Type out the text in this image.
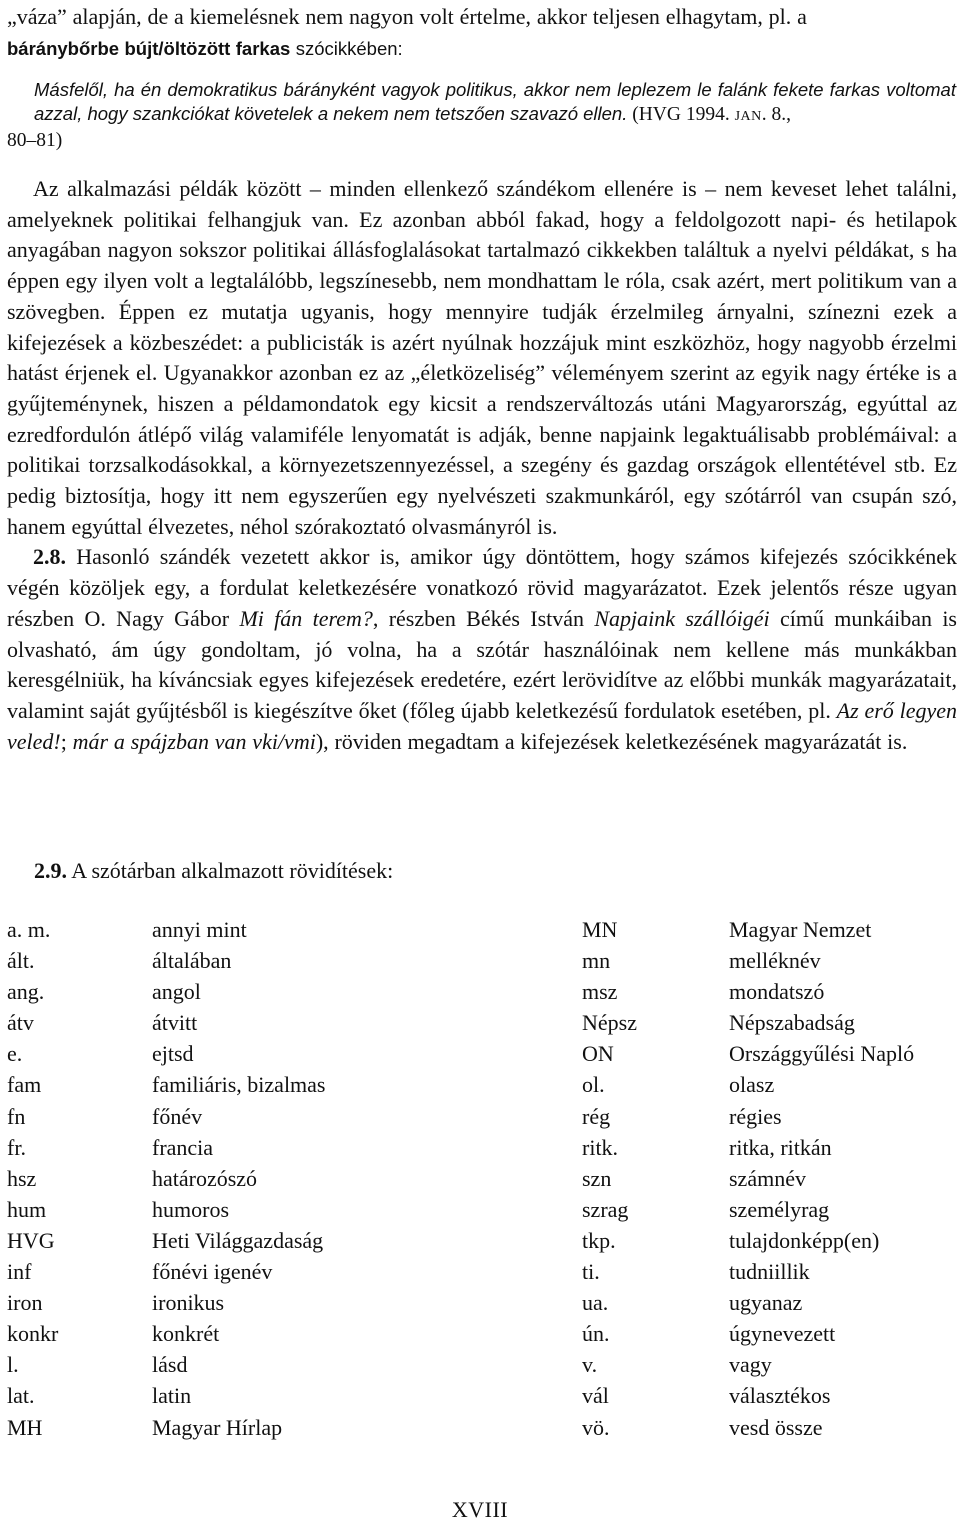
„váza” alapján, de a kiemelésnek nem nagyon volt értelme, akkor teljesen elhagytam, pl. a
báránybőrbe bújt/öltözött farkas szócikkében:

Másfelől, ha én demokratikus bárányként vagyok politikus, akkor nem leplezem le falánk fekete farkas voltomat azzal, hogy szankciókat követelek a nekem nem tetszően szavazó ellen. (HVG 1994. JAN. 8.,
80–81)

Az alkalmazási példák között – minden ellenkező szándékom ellenére is – nem keveset lehet találni, amelyeknek politikai felhangjuk van. Ez azonban abból fakad, hogy a feldolgozott napi- és hetilapok anyagában nagyon sokszor politikai állásfoglalásokat tartalmazó cikkekben találtuk a nyelvi példákat, s ha éppen egy ilyen volt a legtalálóbb, legszínesebb, nem mondhattam le róla, csak azért, mert politikum van a szövegben. Éppen ez mutatja ugyanis, hogy mennyire tudják érzelmileg árnyalni, színezni ezek a kifejezések a közbeszédet: a publicisták is azért nyúlnak hozzájuk mint eszközhöz, hogy nagyobb érzelmi hatást érjenek el. Ugyanakkor azonban ez az „életközeliség” véleményem szerint az egyik nagy értéke is a gyűjteménynek, hiszen a példamondatok egy kicsit a rendszerváltozás utáni Magyarország, egyúttal az ezredfordulón átlépő világ valamiféle lenyomatát is adják, benne napjaink legaktuálisabb problémáival: a politikai torzsalkodásokkal, a környezetszennyezéssel, a szegény és gazdag országok ellentétével stb. Ez pedig biztosítja, hogy itt nem egyszerűen egy nyelvészeti szakmunkáról, egy szótárról van csupán szó, hanem egyúttal élvezetes, néhol szórakoztató olvasmányról is.

2.8. Hasonló szándék vezetett akkor is, amikor úgy döntöttem, hogy számos kifejezés szócikkének végén közöljek egy, a fordulat keletkezésére vonatkozó rövid magyarázatot. Ezek jelentős része ugyan részben O. Nagy Gábor Mi fán terem?, részben Békés István Napjaink szállóigéi című munkáiban is olvasható, ám úgy gondoltam, jó volna, ha a szótár használóinak nem kellene más munkákban keresgélniük, ha kíváncsiak egyes kifejezések eredetére, ezért lerövidítve az előbbi munkák magyarázatait, valamint saját gyűjtésből is kiegészítve őket (főleg újabb keletkezésű fordulatok esetében, pl. Az erő legyen veled!; már a spájzban van vki/vmi), röviden megadtam a kifejezések keletkezésének magyarázatát is.

2.9. A szótárban alkalmazott rövidítések:

a. m.	annyi mint	MN	Magyar Nemzet
ált.	általában	mn	melléknév
ang.	angol	msz	mondatszó
átv	átvitt	Népsz	Népszabadság
e.	ejtsd	ON	Országgyűlési Napló
fam	familiáris, bizalmas	ol.	olasz
fn	főnév	rég	régies
fr.	francia	ritk.	ritka, ritkán
hsz	határozószó	szn	számnév
hum	humoros	szrag	személyrag
HVG	Heti Világgazdaság	tkp.	tulajdonképp(en)
inf	főnévi igenév	ti.	tudniillik
iron	ironikus	ua.	ugyanaz
konkr	konkrét	ún.	úgynevezett
l.	lásd	v.	vagy
lat.	latin	vál	választékos
MH	Magyar Hírlap	vö.	vesd össze
XVIII
